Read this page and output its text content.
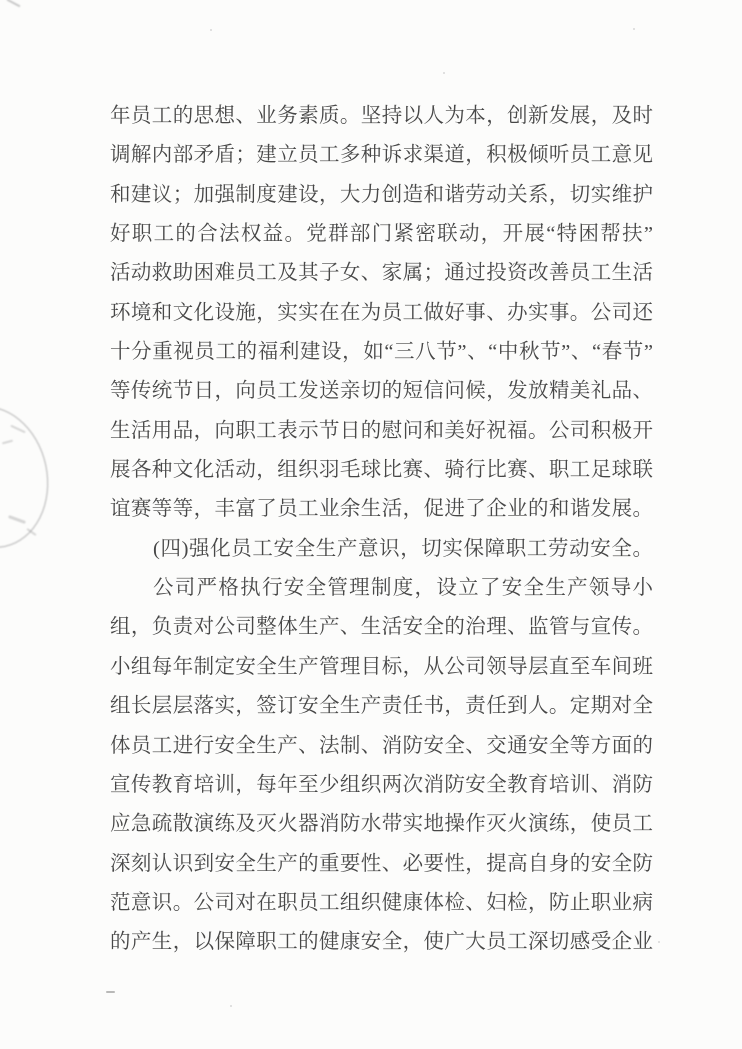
年员工的思想、业务素质。坚持以人为本，创新发展，及时
调解内部矛盾；建立员工多种诉求渠道，积极倾听员工意见
和建议；加强制度建设，大力创造和谐劳动关系，切实维护
好职工的合法权益。党群部门紧密联动，开展“特困帮扶”
活动救助困难员工及其子女、家属；通过投资改善员工生活
环境和文化设施，实实在在为员工做好事、办实事。公司还
十分重视员工的福利建设，如“三八节”、“中秋节”、“春节”
等传统节日，向员工发送亲切的短信问候，发放精美礼品、
生活用品，向职工表示节日的慰问和美好祝福。公司积极开
展各种文化活动，组织羽毛球比赛、骑行比赛、职工足球联
谊赛等等，丰富了员工业余生活，促进了企业的和谐发展。
(四)强化员工安全生产意识，切实保障职工劳动安全。
公司严格执行安全管理制度，设立了安全生产领导小
组，负责对公司整体生产、生活安全的治理、监管与宣传。
小组每年制定安全生产管理目标，从公司领导层直至车间班
组长层层落实，签订安全生产责任书，责任到人。定期对全
体员工进行安全生产、法制、消防安全、交通安全等方面的
宣传教育培训，每年至少组织两次消防安全教育培训、消防
应急疏散演练及灭火器消防水带实地操作灭火演练，使员工
深刻认识到安全生产的重要性、必要性，提高自身的安全防
范意识。公司对在职员工组织健康体检、妇检，防止职业病
的产生，以保障职工的健康安全，使广大员工深切感受企业
